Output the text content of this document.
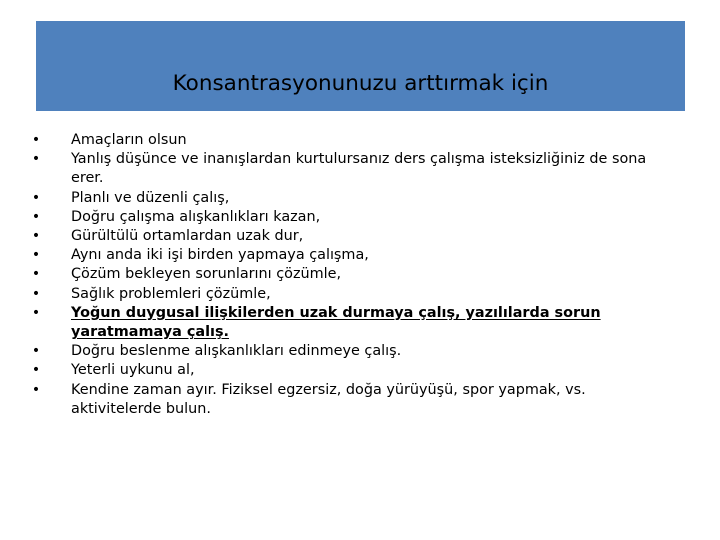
Konsantrasyonunuzu arttırmak için
• Amaçların olsun
• Yanlış düşünce ve inanışlardan kurtulursanız ders çalışma isteksizliğiniz de sona erer.
• Planlı ve düzenli çalış,
• Doğru çalışma alışkanlıkları kazan,
• Gürültülü ortamlardan uzak dur,
• Aynı anda iki işi birden yapmaya çalışma,
• Çözüm bekleyen sorunlarını çözümle,
• Sağlık problemleri çözümle,
• Yoğun duygusal ilişkilerden uzak durmaya çalış, yazılılarda sorun yaratmamaya çalış.
• Doğru beslenme alışkanlıkları edinmeye çalış.
• Yeterli uykunu al,
• Kendine zaman ayır. Fiziksel egzersiz, doğa yürüyüşü, spor yapmak, vs. aktivitelerde bulun.
